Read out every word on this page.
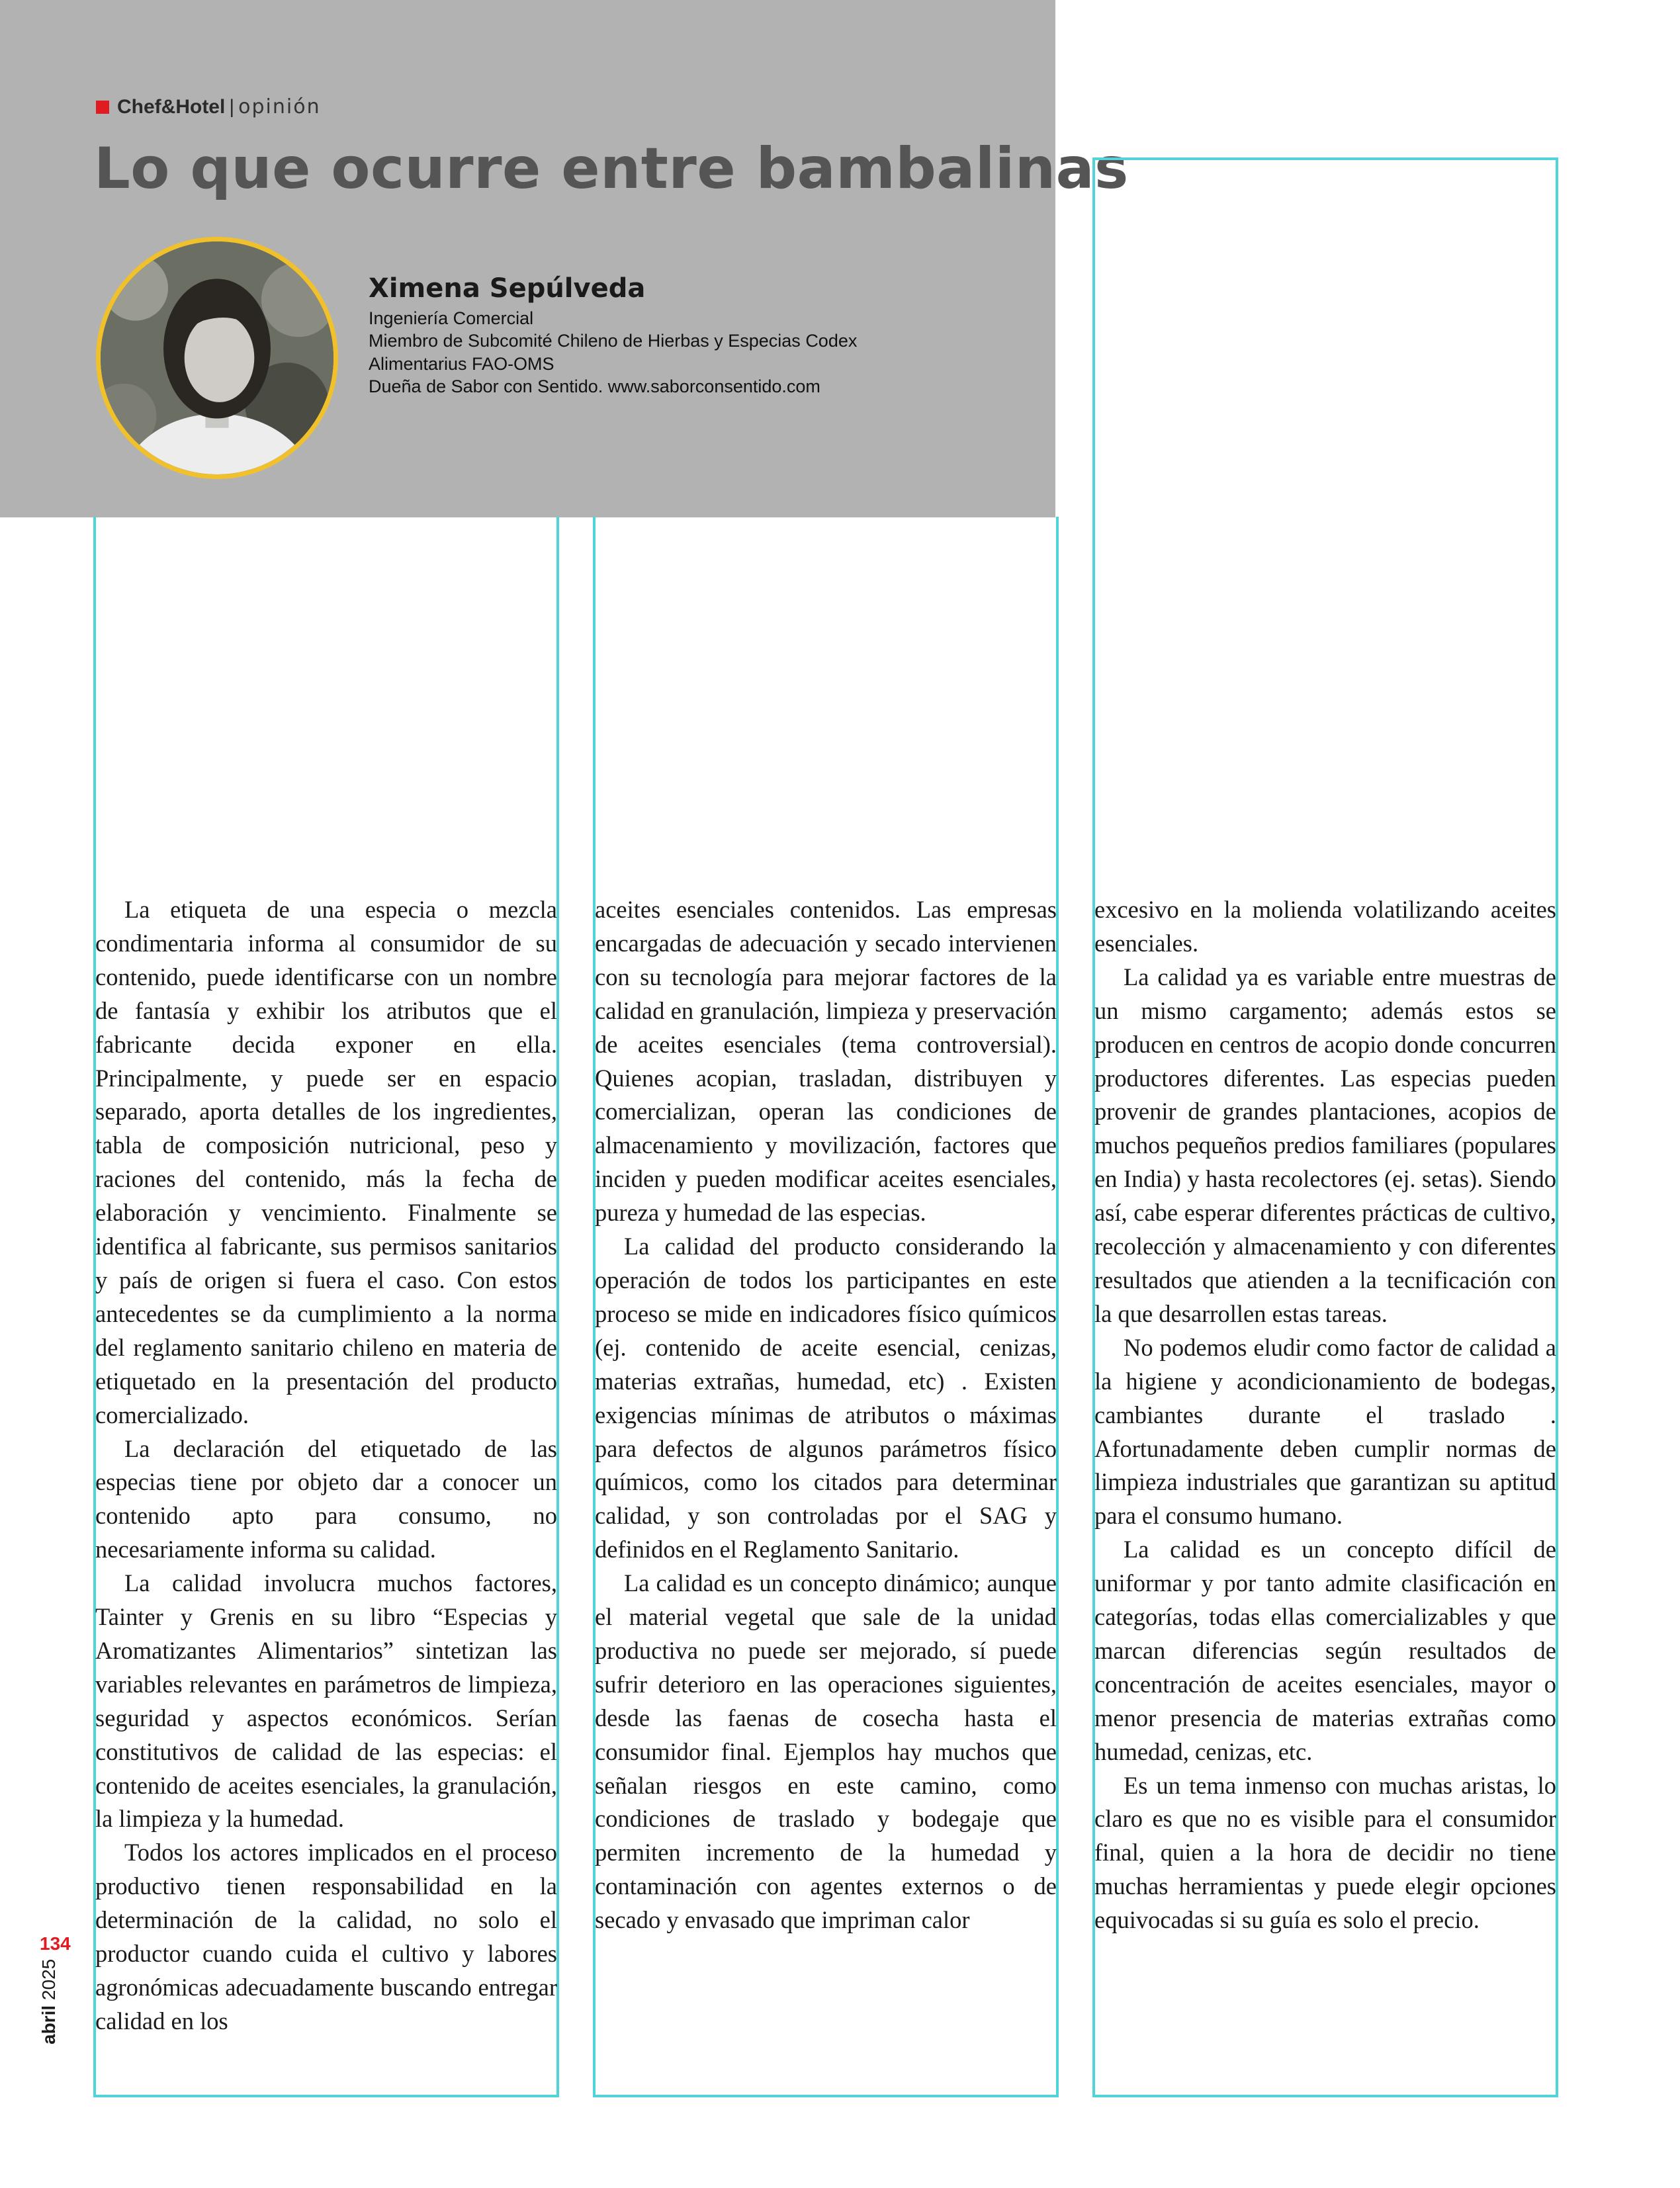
Chef&Hotel | opinión
Lo que ocurre entre bambalinas
Ximena Sepúlveda
Ingeniería Comercial
Miembro de Subcomité Chileno de Hierbas y Especias Codex
Alimentarius FAO-OMS
Dueña de Sabor con Sentido. www.saborconsentido.com

La etiqueta de una especia o mezcla condimentaria informa al consumidor de su contenido, puede identificarse con un nombre de fantasía y exhibir los atributos que el fabricante decida exponer en ella. Principalmente, y puede ser en espacio separado, aporta detalles de los ingredientes, tabla de composición nutricional, peso y raciones del contenido, más la fecha de elaboración y vencimiento. Finalmente se identifica al fabricante, sus permisos sanitarios y país de origen si fuera el caso. Con estos antecedentes se da cumplimiento a la norma del reglamento sanitario chileno en materia de etiquetado en la presentación del producto comercializado.

La declaración del etiquetado de las especias tiene por objeto dar a conocer un contenido apto para consumo, no necesariamente informa su calidad.

La calidad involucra muchos factores, Tainter y Grenis en su libro “Especias y Aromatizantes Alimentarios” sintetizan las variables relevantes en parámetros de limpieza, seguridad y aspectos económicos. Serían constitutivos de calidad de las especias: el contenido de aceites esenciales, la granulación, la limpieza y la humedad.

Todos los actores implicados en el proceso productivo tienen responsabilidad en la determinación de la calidad, no solo el productor cuando cuida el cultivo y labores agronómicas adecuadamente buscando entregar calidad en los

aceites esenciales contenidos. Las empresas encargadas de adecuación y secado intervienen con su tecnología para mejorar factores de la calidad en granulación, limpieza y preservación de aceites esenciales (tema controversial). Quienes acopian, trasladan, distribuyen y comercializan, operan las condiciones de almacenamiento y movilización, factores que inciden y pueden modificar aceites esenciales, pureza y humedad de las especias.

La calidad del producto considerando la operación de todos los participantes en este proceso se mide en indicadores físico químicos (ej. contenido de aceite esencial, cenizas, materias extrañas, humedad, etc) . Existen exigencias mínimas de atributos o máximas para defectos de algunos parámetros físico químicos, como los citados para determinar calidad, y son controladas por el SAG y definidos en el Reglamento Sanitario.

La calidad es un concepto dinámico; aunque el material vegetal que sale de la unidad productiva no puede ser mejorado, sí puede sufrir deterioro en las operaciones siguientes, desde las faenas de cosecha hasta el consumidor final. Ejemplos hay muchos que señalan riesgos en este camino, como condiciones de traslado y bodegaje que permiten incremento de la humedad y contaminación con agentes externos o de secado y envasado que impriman calor

excesivo en la molienda volatilizando aceites esenciales.

La calidad ya es variable entre muestras de un mismo cargamento; además estos se producen en centros de acopio donde concurren productores diferentes. Las especias pueden provenir de grandes plantaciones, acopios de muchos pequeños predios familiares (populares en India) y hasta recolectores (ej. setas). Siendo así, cabe esperar diferentes prácticas de cultivo, recolección y almacenamiento y con diferentes resultados que atienden a la tecnificación con la que desarrollen estas tareas.

No podemos eludir como factor de calidad a la higiene y acondicionamiento de bodegas, cambiantes durante el traslado . Afortunadamente deben cumplir normas de limpieza industriales que garantizan su aptitud para el consumo humano.

La calidad es un concepto difícil de uniformar y por tanto admite clasificación en categorías, todas ellas comercializables y que marcan diferencias según resultados de concentración de aceites esenciales, mayor o menor presencia de materias extrañas como humedad, cenizas, etc.

Es un tema inmenso con muchas aristas, lo claro es que no es visible para el consumidor final, quien a la hora de decidir no tiene muchas herramientas y puede elegir opciones equivocadas si su guía es solo el precio.

134
abril 2025
